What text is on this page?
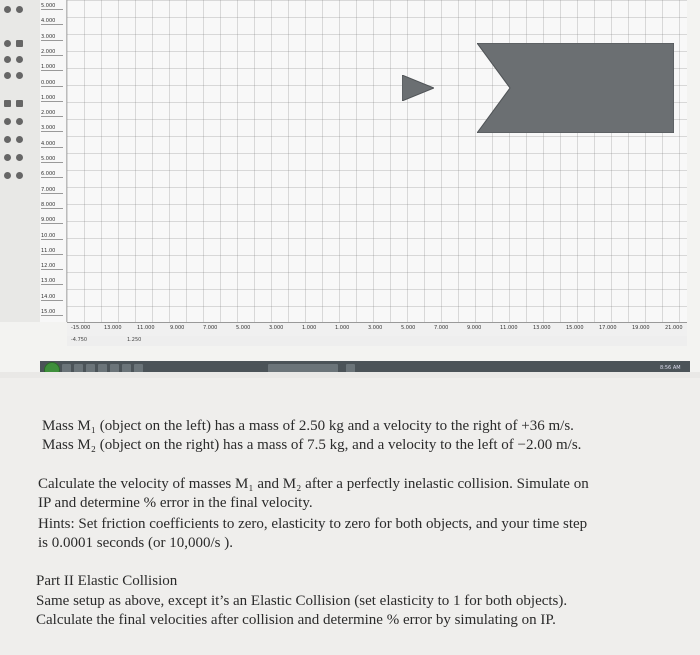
5.000
4.000
3.000
2.000
1.000
0.000
1.000
2.000
3.000
4.000
5.000
6.000
7.000
8.000
9.000
10.00
11.00
12.00
13.00
14.00
15.00
-15.000	13.000	11.000	9.000	7.000	5.000	3.000	1.000	1.000	3.000	5.000	7.000	9.000	11.000	13.000	15.000	17.000	19.000	21.000
-4.750	1.250
8:56 AM
Mass M₁ (object on the left) has a mass of 2.50 kg and a velocity to the right of +36 m/s.
Mass M₂ (object on the right) has a mass of 7.5 kg, and a velocity to the left of −2.00 m/s.
Calculate the velocity of masses M₁ and M₂ after a perfectly inelastic collision. Simulate on
IP and determine % error in the final velocity.
Hints: Set friction coefficients to zero, elasticity to zero for both objects, and your time step
is 0.0001 seconds (or 10,000/s ).
Part II Elastic Collision
Same setup as above, except it’s an Elastic Collision (set elasticity to 1 for both objects).
Calculate the final velocities after collision and determine % error by simulating on IP.
